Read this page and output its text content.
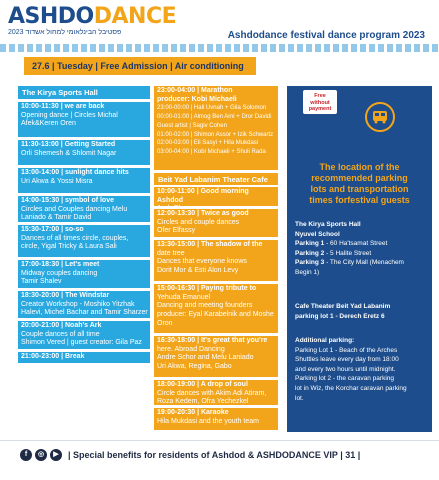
ASHDODANCE
2023 פסטיבל הבינלאומי למחול אשדוד	Ashdodance festival dance program 2023
27.6 | Tuesday | Free Admission | Air conditioning
The Kirya Sports Hall
10:00-11:30 | we are back
Opening dance | Circles Michal
Afek&Keren Oren
11:30-13:00 | Getting Started
Orli Shemesh & Shlomit Nagar
13:00-14:00 | sunlight dance hits
Uri Akwa & Yossi Misra
14:00-15:30 | symbol of love
Circles and Couples dancing Melu
Laniado & Tamir David
15:30-17:00 | so-so
Dances of all times circle, couples,
circle, Yigal Tricky & Laura Sali
17:00-18:30 | Let's meet
Midway couples dancing
Tamir Shalev
18:30-20:00 | The Windstar
Creator Workshop - Moshiko Yitzhak
Halevi, Michel Bachar and Tamir Sharzer
20:00-21:00 | Noah's Ark
Couple dances of all time
Shimon Vered | guest creator: Gila Paz
21:00-23:00 | Break
23:00-04:00 | Marathon
producer: Kobi Michaeli
23:00-00:00 | Hali Uvnah + Gila Solomon
00:00-01:00 | Almog Ben Ami + Dror Davidi
Guest artist | Sagiv Cohen
01:00-02:00 | Shimon Assor + Izik Schwartz
02:00-03:00 | Eli Sasyi + Hila Mukdasi
03:00-04:00 | Kobi Michaeli + Shuli Rada
Beit Yad Labanim Theater Cafe
10:00-11:00 | Good morning Ashdod
12:00-13:30 | Twice as good
Circles and couple dances
Ofer Elfassy
13:30-15:00 | The shadow of the
date tree
Dances that everyone knows
Dorit Mor & Esti Alon Levy
15:00-16:30 | Paying tribute to
Yehuda Emanuel
Dancing and meeting founders
producer: Eyal Karabelnik and Moshe
Oron
16:30-18:00 | It's great that you're
here. Abroad Dancing
Andre Schor and Melu Laniado
Uri Akwa, Regina, Gabo
18:00-19:00 | A drop of soul
Circle dances with Akim Adi Atiram,
Roza Kedem, Ofra Yechezkel
19:00-20:30 | Karaoke
Hila Mukdasi and the youth team
Free
without
payment
The location of the
recommended parking
lots and transportation
times forfestival guests
The Kirya Sports Hall
Nyuvel School
Parking 1 - 60 Ha'tsamat Street
Parking 2 - 5 Halite Street
Parking 3 - The City Mall (Menachem
Begin 1)
Cafe Theater Beit Yad Labanim
parking lot 1 - Derech Eretz 6
Additional parking:
Parking Lot 1 - Beach of the Arches
Shuttles leave every day from 18:00
and every two hours until midnight.
Parking lot 2 - the caravan parking
lot in Wiz, the Korchar caravan parking
lot.
f	◎	▶	| Special benefits for residents of Ashdod & ASHDODANCE VIP | 31 |
